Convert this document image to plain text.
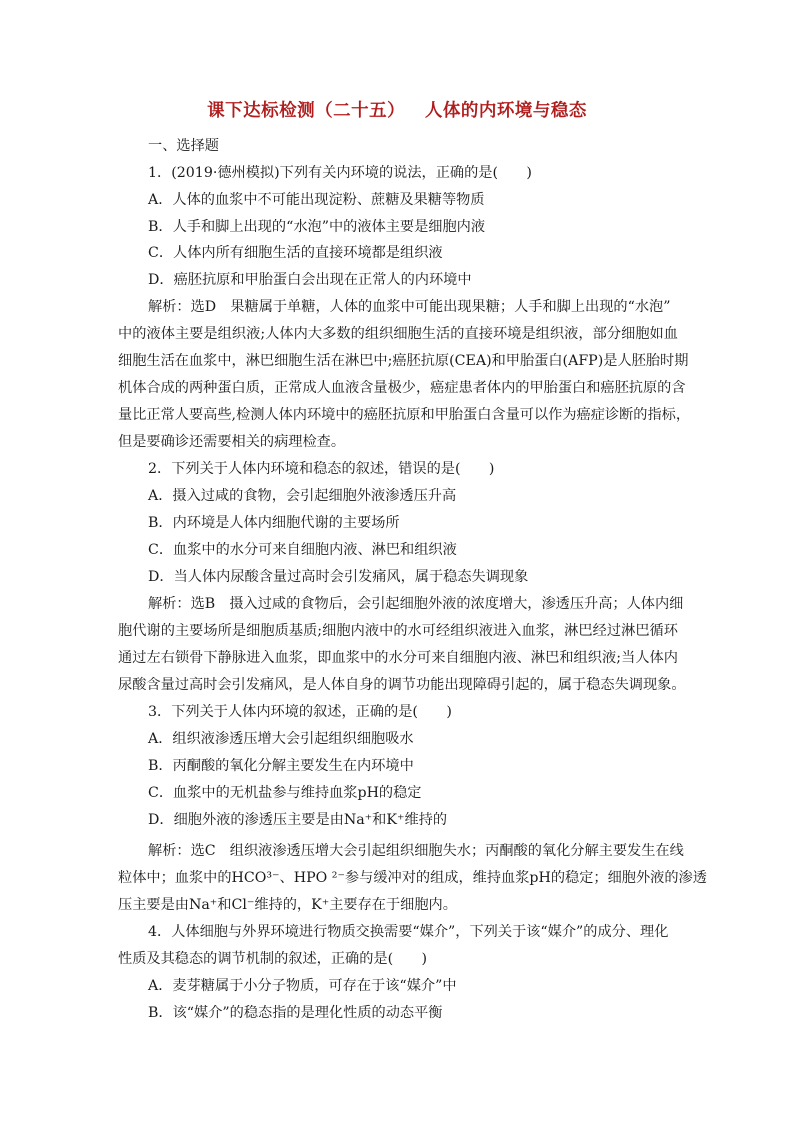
课下达标检测（二十五）   人体的内环境与稳态
一、选择题
1．(2019·德州模拟)下列有关内环境的说法，正确的是(　　)
A．人体的血浆中不可能出现淀粉、蔗糖及果糖等物质
B．人手和脚上出现的“水泡”中的液体主要是细胞内液
C．人体内所有细胞生活的直接环境都是组织液
D．癌胚抗原和甲胎蛋白会出现在正常人的内环境中
解析：选D　果糖属于单糖，人体的血浆中可能出现果糖；人手和脚上出现的“水泡”
中的液体主要是组织液;人体内大多数的组织细胞生活的直接环境是组织液，部分细胞如血
细胞生活在血浆中，淋巴细胞生活在淋巴中;癌胚抗原(CEA)和甲胎蛋白(AFP)是人胚胎时期
机体合成的两种蛋白质，正常成人血液含量极少，癌症患者体内的甲胎蛋白和癌胚抗原的含
量比正常人要高些,检测人体内环境中的癌胚抗原和甲胎蛋白含量可以作为癌症诊断的指标，
但是要确诊还需要相关的病理检查。
2．下列关于人体内环境和稳态的叙述，错误的是(　　)
A．摄入过咸的食物，会引起细胞外液渗透压升高
B．内环境是人体内细胞代谢的主要场所
C．血浆中的水分可来自细胞内液、淋巴和组织液
D．当人体内尿酸含量过高时会引发痛风，属于稳态失调现象
解析：选B　摄入过咸的食物后，会引起细胞外液的浓度增大，渗透压升高；人体内细
胞代谢的主要场所是细胞质基质;细胞内液中的水可经组织液进入血浆，淋巴经过淋巴循环
通过左右锁骨下静脉进入血浆，即血浆中的水分可来自细胞内液、淋巴和组织液;当人体内
尿酸含量过高时会引发痛风，是人体自身的调节功能出现障碍引起的，属于稳态失调现象。
3．下列关于人体内环境的叙述，正确的是(　　)
A．组织液渗透压增大会引起组织细胞吸水
B．丙酮酸的氧化分解主要发生在内环境中
C．血浆中的无机盐参与维持血浆pH的稳定
D．细胞外液的渗透压主要是由Na⁺和K⁺维持的
解析：选C　组织液渗透压增大会引起组织细胞失水；丙酮酸的氧化分解主要发生在线
粒体中；血浆中的HCO³⁻、HPO ²⁻参与缓冲对的组成，维持血浆pH的稳定；细胞外液的渗透
压主要是由Na⁺和Cl⁻维持的，K⁺主要存在于细胞内。
4．人体细胞与外界环境进行物质交换需要“媒介”，下列关于该“媒介”的成分、理化
性质及其稳态的调节机制的叙述，正确的是(　　)
A．麦芽糖属于小分子物质，可存在于该“媒介”中
B．该“媒介”的稳态指的是理化性质的动态平衡
